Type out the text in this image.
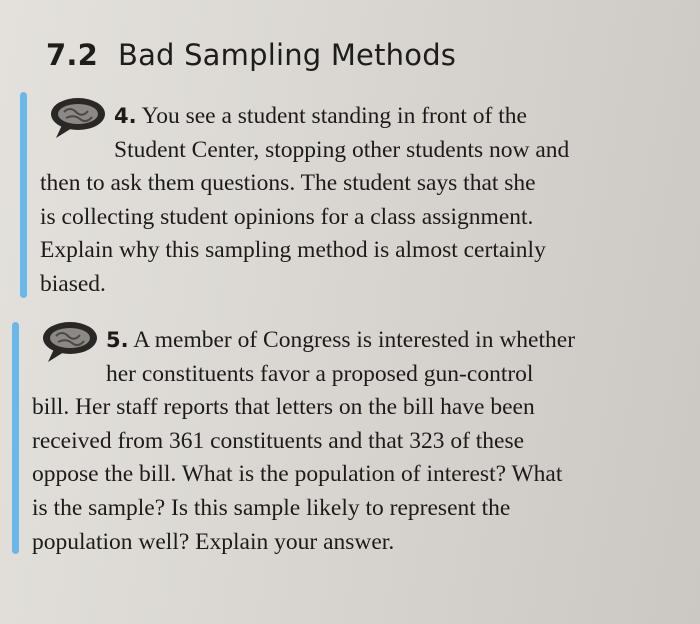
7.2 Bad Sampling Methods
4. You see a student standing in front of the
Student Center, stopping other students now and
then to ask them questions. The student says that she
is collecting student opinions for a class assignment.
Explain why this sampling method is almost certainly
biased.
5. A member of Congress is interested in whether
her constituents favor a proposed gun-control
bill. Her staff reports that letters on the bill have been
received from 361 constituents and that 323 of these
oppose the bill. What is the population of interest? What
is the sample? Is this sample likely to represent the
population well? Explain your answer.
